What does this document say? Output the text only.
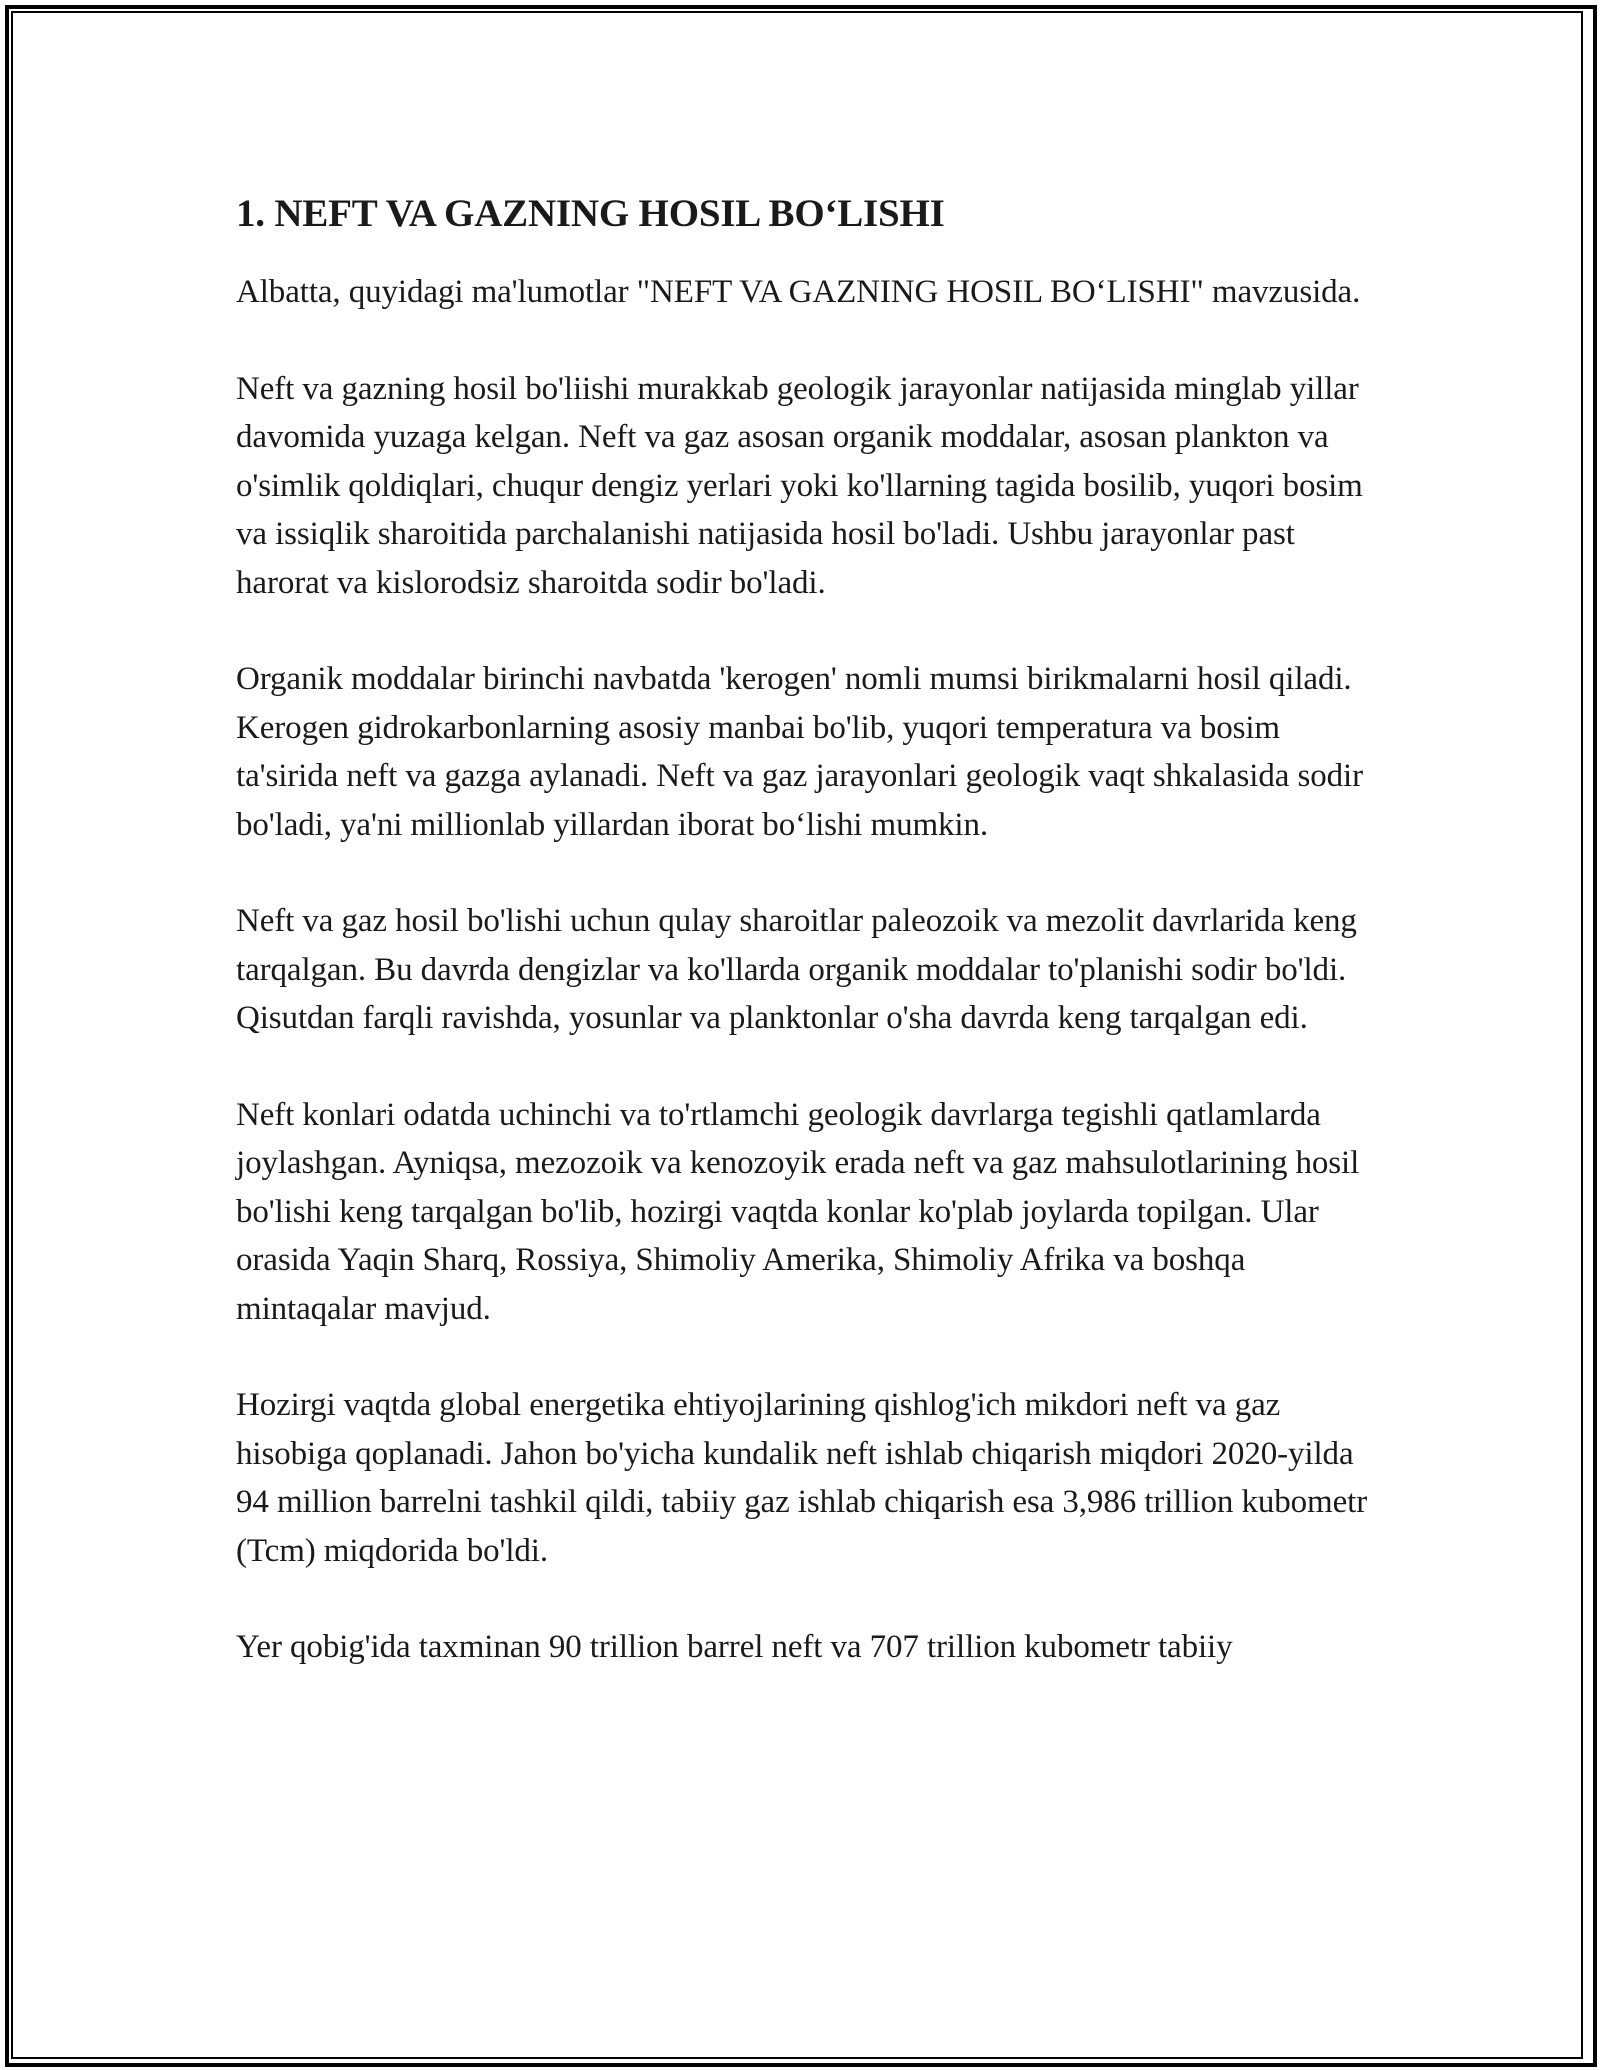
1. NEFT VA GAZNING HOSIL BO‘LISHI

Albatta, quyidagi ma'lumotlar "NEFT VA GAZNING HOSIL BO‘LISHI" mavzusida.

Neft va gazning hosil bo'liishi murakkab geologik jarayonlar natijasida minglab yillar davomida yuzaga kelgan. Neft va gaz asosan organik moddalar, asosan plankton va o'simlik qoldiqlari, chuqur dengiz yerlari yoki ko'llarning tagida bosilib, yuqori bosim va issiqlik sharoitida parchalanishi natijasida hosil bo'ladi. Ushbu jarayonlar past harorat va kislorodsiz sharoitda sodir bo'ladi.

Organik moddalar birinchi navbatda 'kerogen' nomli mumsi birikmalarni hosil qiladi. Kerogen gidrokarbonlarning asosiy manbai bo'lib, yuqori temperatura va bosim ta'sirida neft va gazga aylanadi. Neft va gaz jarayonlari geologik vaqt shkalasida sodir bo'ladi, ya'ni millionlab yillardan iborat bo‘lishi mumkin.

Neft va gaz hosil bo'lishi uchun qulay sharoitlar paleozoik va mezolit davrlarida keng tarqalgan. Bu davrda dengizlar va ko'llarda organik moddalar to'planishi sodir bo'ldi. Qisutdan farqli ravishda, yosunlar va planktonlar o'sha davrda keng tarqalgan edi.

Neft konlari odatda uchinchi va to'rtlamchi geologik davrlarga tegishli qatlamlarda joylashgan. Ayniqsa, mezozoik va kenozoyik erada neft va gaz mahsulotlarining hosil bo'lishi keng tarqalgan bo'lib, hozirgi vaqtda konlar ko'plab joylarda topilgan. Ular orasida Yaqin Sharq, Rossiya, Shimoliy Amerika, Shimoliy Afrika va boshqa mintaqalar mavjud.

Hozirgi vaqtda global energetika ehtiyojlarining qishlog'ich mikdori neft va gaz hisobiga qoplanadi. Jahon bo'yicha kundalik neft ishlab chiqarish miqdori 2020-yilda 94 million barrelni tashkil qildi, tabiiy gaz ishlab chiqarish esa 3,986 trillion kubometr (Tcm) miqdorida bo'ldi.

Yer qobig'ida taxminan 90 trillion barrel neft va 707 trillion kubometr tabiiy
